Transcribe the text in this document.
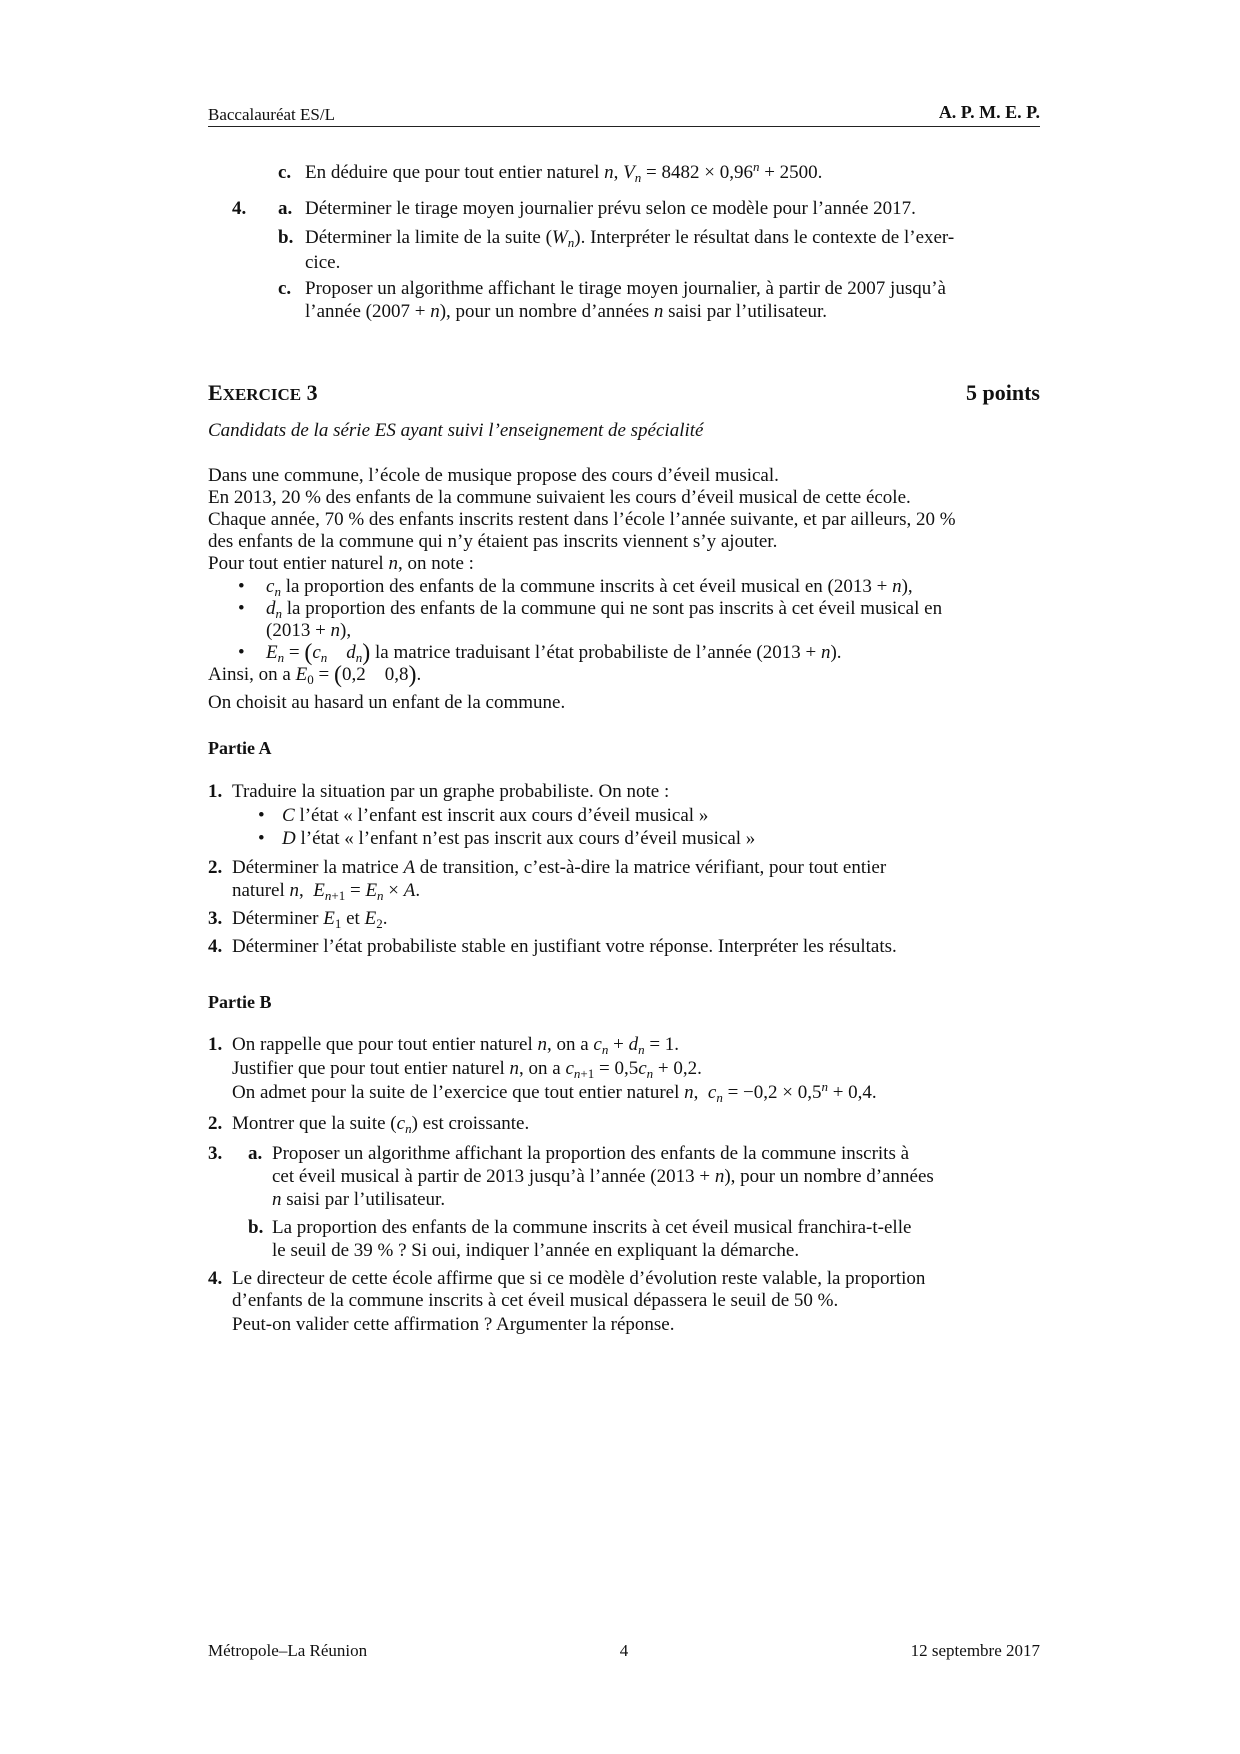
Baccalauréat ES/L	A. P. M. E. P.
c. En déduire que pour tout entier naturel n, $V_n = 8482 \times 0,96^n + 2500$.
4. a. Déterminer le tirage moyen journalier prévu selon ce modèle pour l’année 2017.
b. Déterminer la limite de la suite $(W_n)$. Interpréter le résultat dans le contexte de l’exer-
cice.
c. Proposer un algorithme affichant le tirage moyen journalier, à partir de 2007 jusqu’à
l’année (2007 + n), pour un nombre d’années n saisi par l’utilisateur.
EXERCICE 3	5 points
Candidats de la série ES ayant suivi l’enseignement de spécialité
Dans une commune, l’école de musique propose des cours d’éveil musical.
En 2013, 20 % des enfants de la commune suivaient les cours d’éveil musical de cette école.
Chaque année, 70 % des enfants inscrits restent dans l’école l’année suivante, et par ailleurs, 20 %
des enfants de la commune qui n’y étaient pas inscrits viennent s’y ajouter.
Pour tout entier naturel n, on note :
• $c_n$ la proportion des enfants de la commune inscrits à cet éveil musical en (2013 + n),
• $d_n$ la proportion des enfants de la commune qui ne sont pas inscrits à cet éveil musical en
(2013 + n),
• $E_n = (c_n$ $d_n$) la matrice traduisant l’état probabiliste de l’année (2013 + n).
Ainsi, on a $E_0 = (0,2$ 0,8).
On choisit au hasard un enfant de la commune.
Partie A
1. Traduire la situation par un graphe probabiliste. On note :
• C l’état « l’enfant est inscrit aux cours d’éveil musical »
• D l’état « l’enfant n’est pas inscrit aux cours d’éveil musical »
2. Déterminer la matrice A de transition, c’est-à-dire la matrice vérifiant, pour tout entier
naturel n,  $E_{n+1} = E_n \times A$.
3. Déterminer $E_1$ et $E_2$.
4. Déterminer l’état probabiliste stable en justifiant votre réponse. Interpréter les résultats.
Partie B
1. On rappelle que pour tout entier naturel n, on a $c_n + d_n = 1$.
Justifier que pour tout entier naturel n, on a $c_{n+1} = 0,5c_n + 0,2$.
On admet pour la suite de l’exercice que tout entier naturel n,  $c_n = -0,2 \times 0,5^n + 0,4$.
2. Montrer que la suite $(c_n)$ est croissante.
3. a. Proposer un algorithme affichant la proportion des enfants de la commune inscrits à
cet éveil musical à partir de 2013 jusqu’à l’année (2013 + n), pour un nombre d’années
n saisi par l’utilisateur.
b. La proportion des enfants de la commune inscrits à cet éveil musical franchira-t-elle
le seuil de 39 % ? Si oui, indiquer l’année en expliquant la démarche.
4. Le directeur de cette école affirme que si ce modèle d’évolution reste valable, la proportion
d’enfants de la commune inscrits à cet éveil musical dépassera le seuil de 50 %.
Peut-on valider cette affirmation ? Argumenter la réponse.
Métropole–La Réunion	4	12 septembre 2017
